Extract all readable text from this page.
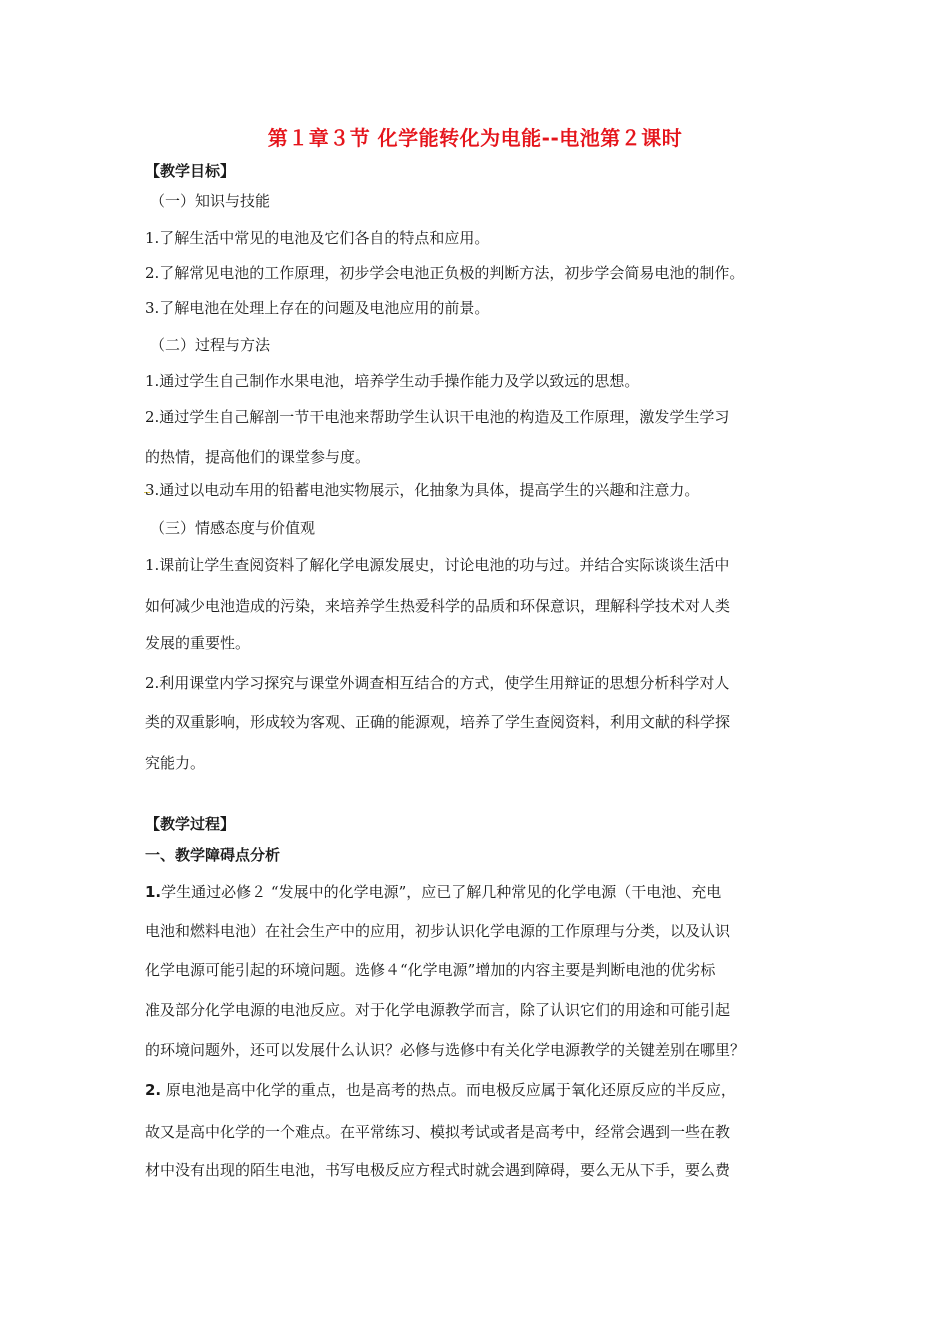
第１章３节 化学能转化为电能--电池第２课时
【教学目标】
（一）知识与技能
1.了解生活中常见的电池及它们各自的特点和应用。
2.了解常见电池的工作原理，初步学会电池正负极的判断方法，初步学会简易电池的制作。
3.了解电池在处理上存在的问题及电池应用的前景。
（二）过程与方法
1.通过学生自己制作水果电池，培养学生动手操作能力及学以致远的思想。
2.通过学生自己解剖一节干电池来帮助学生认识干电池的构造及工作原理，激发学生学习
的热情，提高他们的课堂参与度。
3.通过以电动车用的铅蓄电池实物展示，化抽象为具体，提高学生的兴趣和注意力。
（三）情感态度与价值观
1.课前让学生查阅资料了解化学电源发展史，讨论电池的功与过。并结合实际谈谈生活中
如何减少电池造成的污染，来培养学生热爱科学的品质和环保意识，理解科学技术对人类
发展的重要性。
2.利用课堂内学习探究与课堂外调查相互结合的方式，使学生用辩证的思想分析科学对人
类的双重影响，形成较为客观、正确的能源观，培养了学生查阅资料，利用文献的科学探
究能力。
【教学过程】
一、教学障碍点分析
1.学生通过必修２ “发展中的化学电源”，应已了解几种常见的化学电源（干电池、充电
电池和燃料电池）在社会生产中的应用，初步认识化学电源的工作原理与分类，以及认识
化学电源可能引起的环境问题。选修４“化学电源”增加的内容主要是判断电池的优劣标
准及部分化学电源的电池反应。对于化学电源教学而言，除了认识它们的用途和可能引起
的环境问题外，还可以发展什么认识？必修与选修中有关化学电源教学的关键差别在哪里？
2. 原电池是高中化学的重点，也是高考的热点。而电极反应属于氧化还原反应的半反应，
故又是高中化学的一个难点。在平常练习、模拟考试或者是高考中，经常会遇到一些在教
材中没有出现的陌生电池，书写电极反应方程式时就会遇到障碍，要么无从下手，要么费
